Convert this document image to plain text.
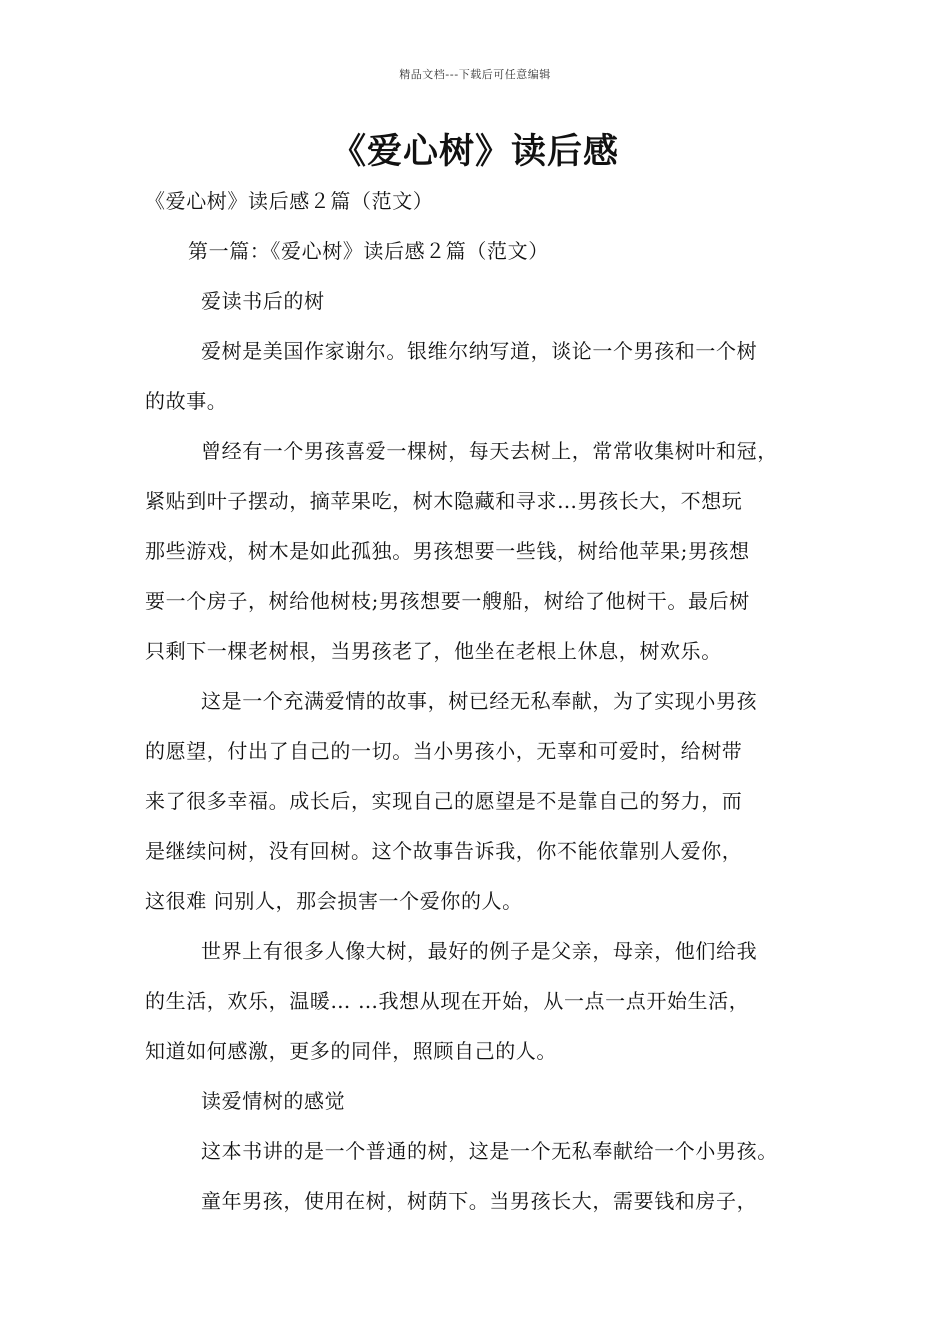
精品文档---下载后可任意编辑
《爱心树》读后感
《爱心树》读后感２篇（范文）
第一篇：《爱心树》读后感２篇（范文）
爱读书后的树
爱树是美国作家谢尔。银维尔纳写道，谈论一个男孩和一个树
的故事。
曾经有一个男孩喜爱一棵树，每天去树上，常常收集树叶和冠，
紧贴到叶子摆动，摘苹果吃，树木隐藏和寻求…男孩长大，不想玩
那些游戏，树木是如此孤独。男孩想要一些钱，树给他苹果;男孩想
要一个房子，树给他树枝;男孩想要一艘船，树给了他树干。最后树
只剩下一棵老树根，当男孩老了，他坐在老根上休息，树欢乐。
这是一个充满爱情的故事，树已经无私奉献，为了实现小男孩
的愿望，付出了自己的一切。当小男孩小，无辜和可爱时，给树带
来了很多幸福。成长后，实现自己的愿望是不是靠自己的努力，而
是继续问树，没有回树。这个故事告诉我，你不能依靠别人爱你，
这很难 问别人，那会损害一个爱你的人。
世界上有很多人像大树，最好的例子是父亲，母亲，他们给我
的生活，欢乐，温暖… …我想从现在开始，从一点一点开始生活，
知道如何感激，更多的同伴，照顾自己的人。
读爱情树的感觉
这本书讲的是一个普通的树，这是一个无私奉献给一个小男孩。
童年男孩，使用在树，树荫下。当男孩长大，需要钱和房子，
